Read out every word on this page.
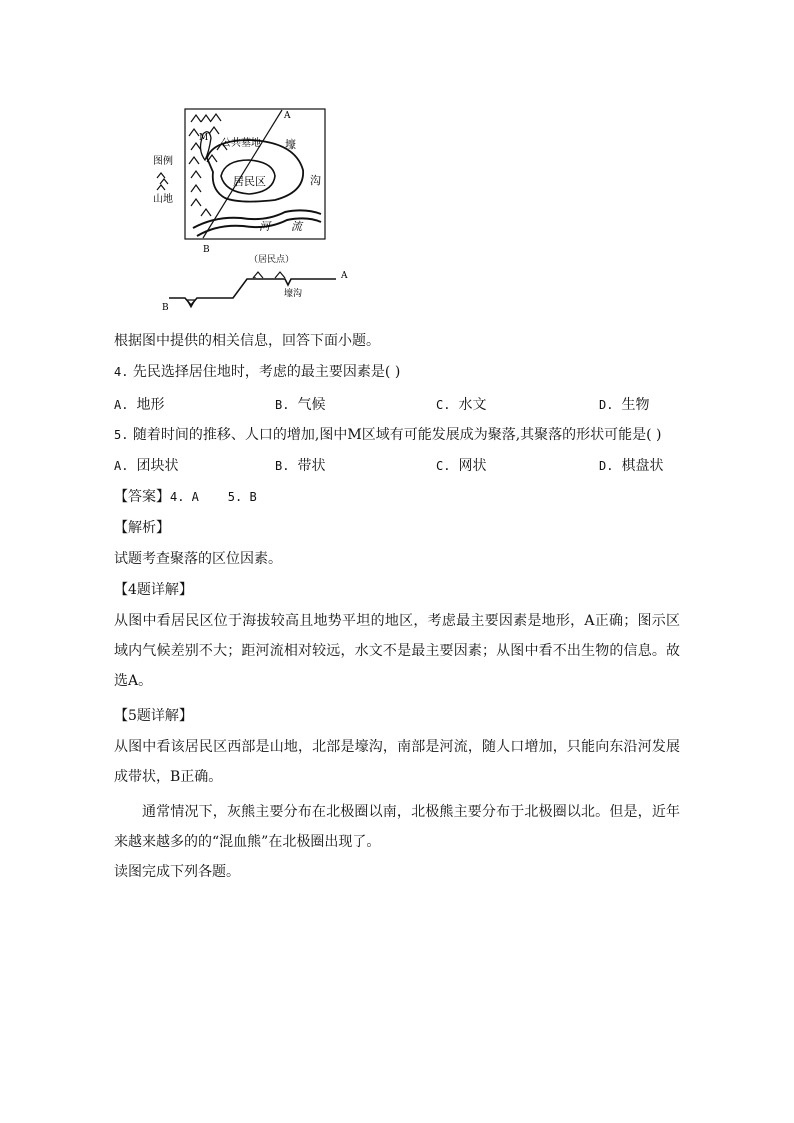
图例
山地
M
居民区
A
B
公共墓地 壕
沟
河 流
（居民点）
A
B
壕沟
根据图中提供的相关信息，回答下面小题。
4. 先民选择居住地时，考虑的最主要因素是( )
A. 地形	B. 气候	C. 水文	D. 生物
5. 随着时间的推移、人口的增加,图中M区域有可能发展成为聚落,其聚落的形状可能是( )
A. 团块状	B. 带状	C. 网状	D. 棋盘状
【答案】4. A    5. B
【解析】
试题考查聚落的区位因素。
【4题详解】
从图中看居民区位于海拔较高且地势平坦的地区，考虑最主要因素是地形，A正确；图示区域内气候差别不大；距河流相对较远，水文不是最主要因素；从图中看不出生物的信息。故选A。
【5题详解】
从图中看该居民区西部是山地，北部是壕沟，南部是河流，随人口增加，只能向东沿河发展成带状，B正确。
通常情况下，灰熊主要分布在北极圈以南，北极熊主要分布于北极圈以北。但是，近年来越来越多的的“混血熊”在北极圈出现了。
读图完成下列各题。
